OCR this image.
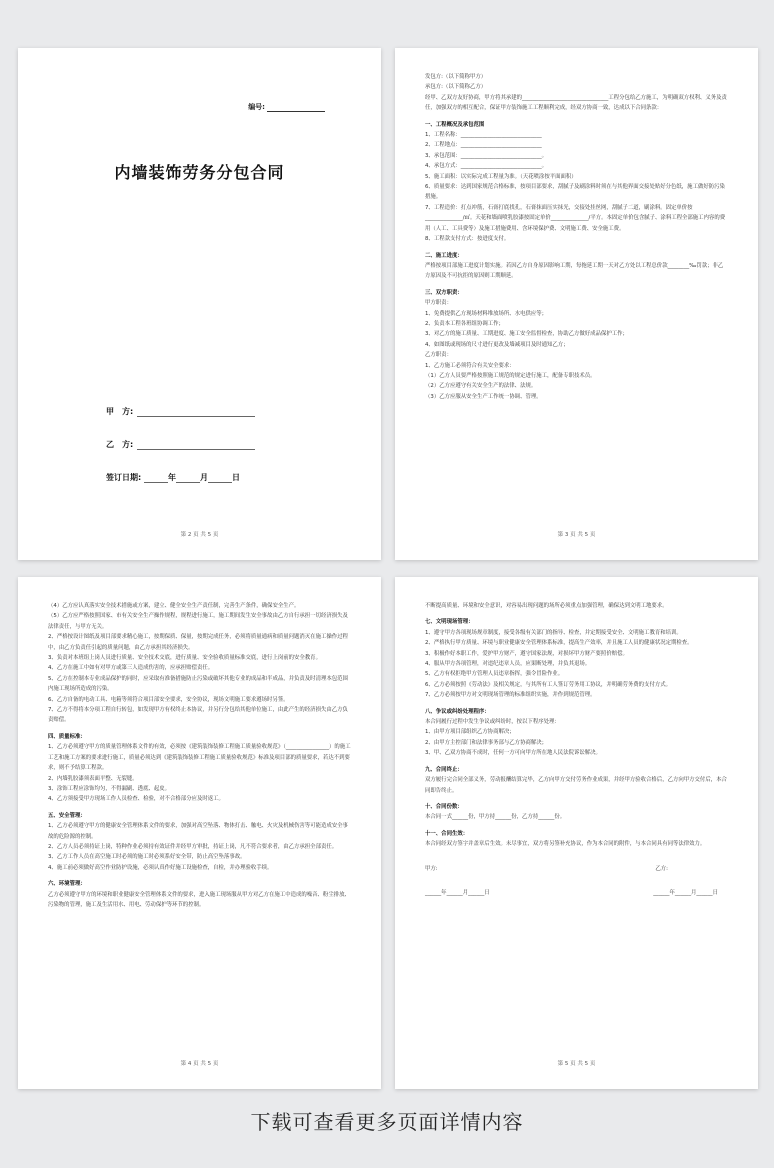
编号:
内墙装饰劳务分包合同
甲　方:
乙　方:
签订日期:	年	月	日
第 2 页 共 5 页

发包方:（以下简称甲方）

承包方:（以下简称乙方）

经甲、乙双方友好协商，甲方将其承建的________________________________工程分包给乙方施工，为明确双方权利、义务及责任，加强双方的相互配合，保证甲方装饰施工工程顺利完成，经双方协商一致，达成以下合同条款：

一、工程概况及承包范围

1、工程名称：______________________________

2、工程地点：______________________________

3、承包范围：______________________________。

4、承包方式：______________________________。

5、施工面积：以实际完成工程量为准。（天花喷涂按平面面积）

6、质量要求：达到国家规范合格标准，按项目部要求，刮腻子及刷涂料时须在与其他界面交接处贴好分色纸，施工做好防污染措施。

7、工程造价：打点冲筋，石膏打底找孔，石膏抹面压实抹光，交接处挂丝网，刮腻子二道，刷涂料。固定单价按______________/㎡。天花和墙面喷乳胶漆按固定单价______________/平方。本固定单价包含腻子、涂料工程全部施工内容的费用（人工、工具费等）及施工措施费用、含环境保护费、文明施工费、安全施工费。

8、工程款支付方式：按进度支付。

二、施工进度：

严格按项目部施工进度计划实施。若因乙方自身原因影响工期，每拖延工期一天对乙方处以工程总价款________‰罚款；非乙方原因及不可抗拒的原因则工期顺延。

三、双方职责：

甲方职责：

1、免费提供乙方现场材料堆放场所、水电供应等；

2、负责本工程各班组协调工作；

3、对乙方的施工质量、工期进度、施工安全监督检查，协助乙方做好成品保护工作；

4、如图纸或现场的尺寸进行更改及墙减项目及时通知乙方；

乙方职责：

1、乙方施工必须符合有关安全要求：

（1）乙方人员要严格按照施工规范的规定进行施工，配备专职技术员。

（2）乙方应遵守有关安全生产的法律、法规。

（3）乙方应服从安全生产工作统一协调、管理。

第 3 页 共 5 页

（4）乙方应认真落实安全技术措施或方案，建立、健全安全生产责任制，完善生产条件，确保安全生产。

（5）乙方应严格按照国家、市有关安全生产操作规程，规程进行施工，施工期间发生安全事故由乙方自行承担一切经济损失及法律责任，与甲方无关。

2、严格按设计图纸及项目部要求精心施工，按期保质、保量，按期完成任务，必须将质量通病和质量问题消灭在施工操作过程中，由乙方负责任引起的质量问题，由乙方承担其经济损失。

3、负责对本班组上岗人员进行质量、安全技术交底，进行质量、安全验收质量标准交底，进行上岗前的安全教育。

4、乙方在施工中如有对甲方或第三人造成伤害的，应承担赔偿责任。

5、乙方在控制本专业成品保护的同时，应采取有准备措施防止污染或破坏其他专业的成品和半成品，并负责及时清理本包范围内施工现场所造成的污染。

6、乙方自备的电动工具、电箱等须符合项目部安全要求，安全协议，现场文明施工要求遵场时另签。

7、乙方不得将本分项工程自行转包，如发现甲方有权终止本协议，并另行分包给其他单位施工，由此产生的经济损失由乙方负责赔偿。

四、质量标准：

1、乙方必须遵守甲方的质量管理体系文件的有效，必须按《建筑装饰装修工程施工质量验收规范》（________________）的施工工艺和施工方案的要求进行施工，质量必须达到《建筑装饰装修工程施工质量验收规范》标准及项目部的质量要求，若达不到要求，则不予结算工程款。

2、内墙乳胶漆须表面平整、无裂缝。

3、涂饰工程应涂饰均匀，不得漏刷、透底、起皮。

4、乙方须接受甲方现场工作人员检查、检验，对不合格部分应及时返工。

五、安全管理：

1、乙方必须遵守甲方的健康安全管理体系文件的要求，加强对高空坠落、物体打击、触电、火灾及机械伤害等可能造成安全事故的危险源的控制。

2、乙方人员必须持证上岗，特种作业必须持有效证件并经甲方审批，持证上岗，凡不符合要求者，由乙方承担全部责任。

3、乙方工作人员在高空施工时必须的施工时必须系好安全带，防止高空坠落事故。

4、施工前必须做好高空作业防护设施，必须认真作好施工设施检查，自检，并办理验收手续。

六、环境管理：

乙方必须遵守甲方的环境和职业健康安全管理体系文件的要求，进入施工现场服从甲方对乙方在施工中造成的噪音、粉尘排放、污染物的管理，施工及生活用水、用电、劳动保护等环节的控制。

第 4 页 共 5 页

不断提高质量、环境和安全意识，对容易出现问题的场所必须重点加强管理，确保达到文明工地要求。

七、文明现场管理：

1、遵守甲方各项现场规章制度，接受各级有关部门的指导、检查，并定期接受安全、文明施工教育和培训。

2、严格执行甲方质量、环境与职业健康安全管理体系标准，提高生产效率，并且施工人员的健康状况定期检查。

3、积极作好本职工作，爱护甲方财产，遵守国家法规，对损坏甲方财产要照价赔偿。

4、服从甲方各项管理，对违纪违章人员，应果断处理，并负其退场。

5、乙方有权拒绝甲方管理人员违章指挥，强令冒险作业。

6、乙方必须按照《劳动法》及相关规定，与其所有工人签订劳务用工协议，并明确劳务费的支付方式。

7、乙方必须按甲方对文明现场管理的标准组织实施，并作到规范管理。

八、争议或纠纷处理程序：

本合同履行过程中发生争议或纠纷时，按以下程序处理：

1、由甲方项目部组织乙方协商解决；

2、由甲方主控部门和法律事务部与乙方协商解决；

3、甲、乙双方协商不成时，任何一方可向甲方所在地人民法院诉讼解决。

九、合同终止：

双方履行完合同全部义务，劳动报酬结算完毕，乙方向甲方交付劳务作业成果，并经甲方验收合格后，乙方向甲方交付后，本合同即告终止。

十、合同份数：

本合同一式______份，甲方持______份，乙方持______份。

十一、合同生效：

本合同经双方签字并盖章后生效。未尽事宜，双方将另签补充协议，作为本合同的附件，与本合同具有同等法律效力。

甲方:	乙方:
______年______月______日	______年______月______日
第 5 页 共 5 页
下载可查看更多页面详情内容
